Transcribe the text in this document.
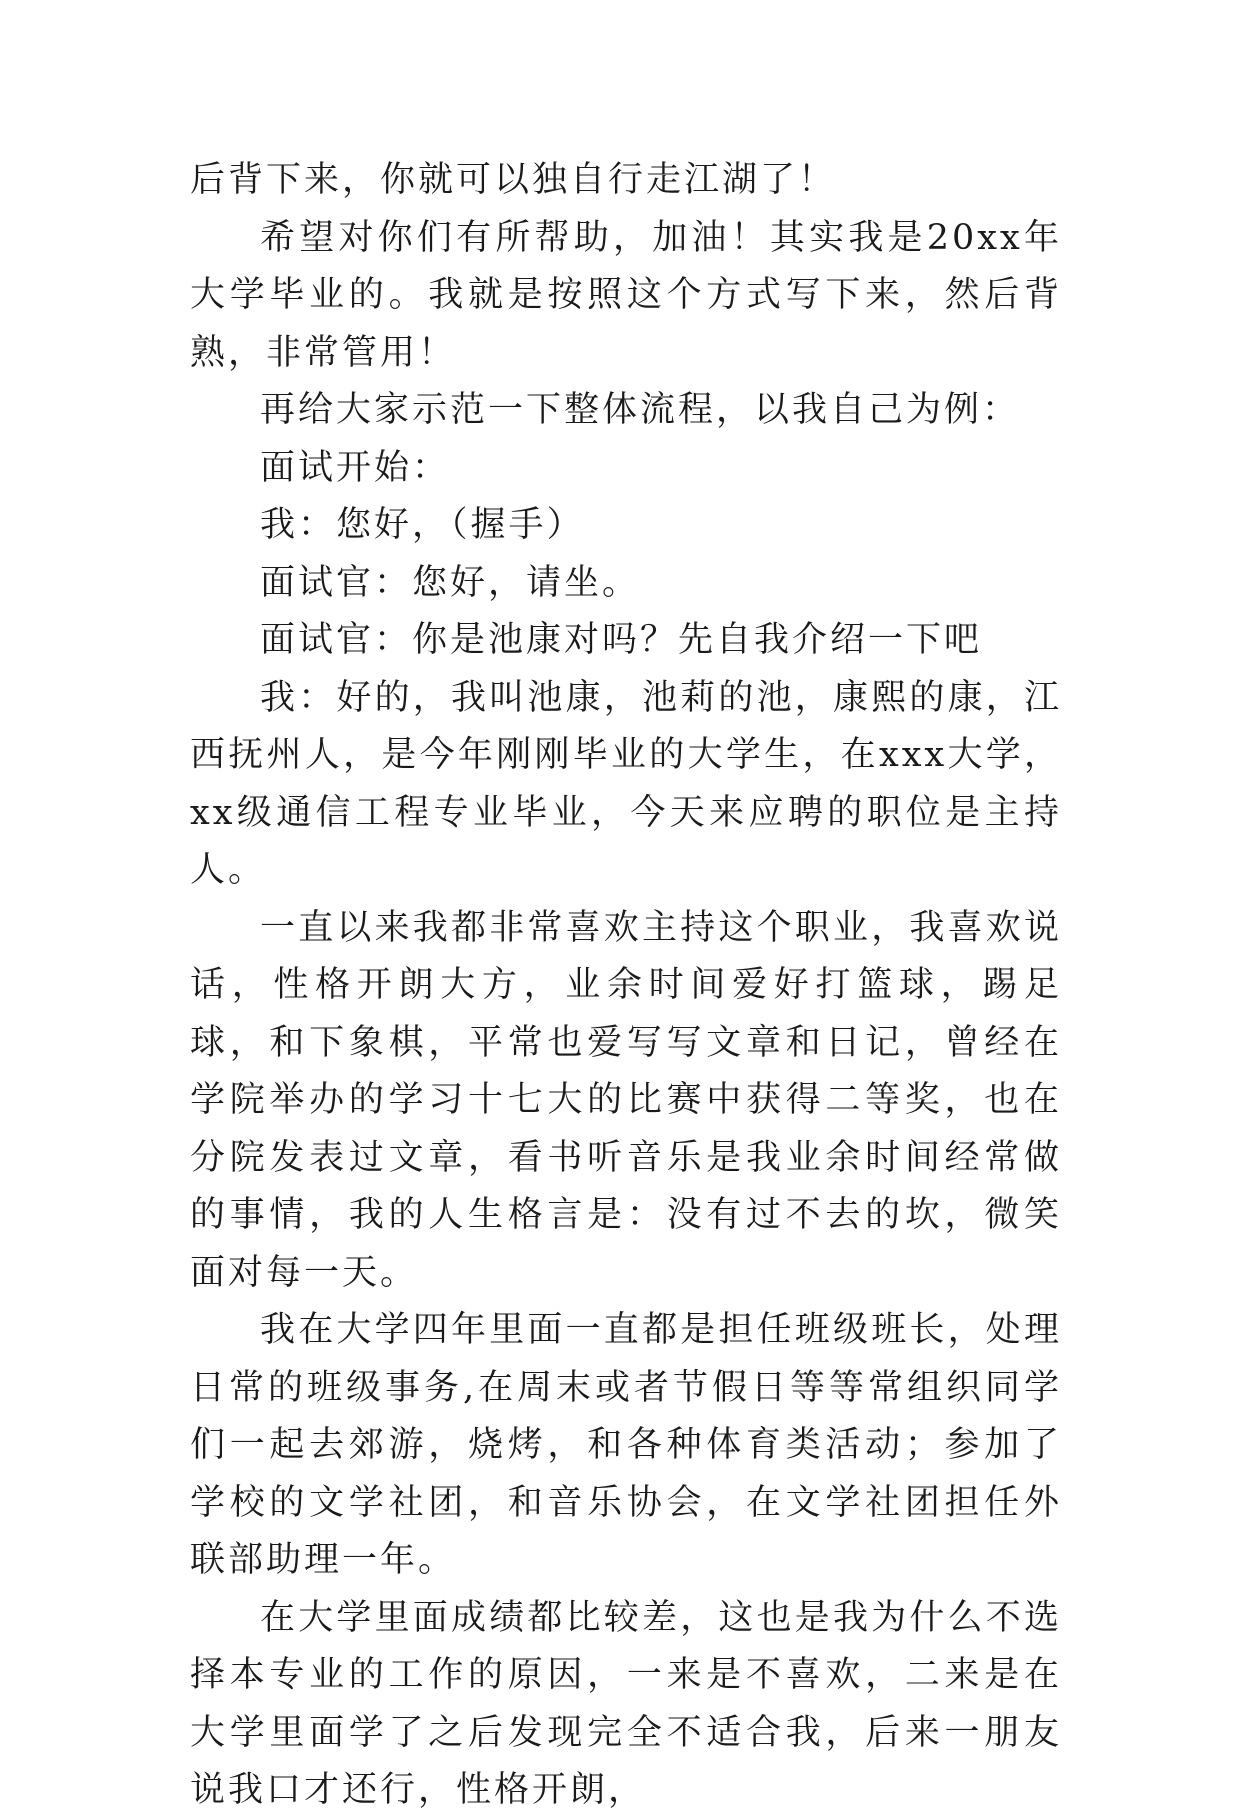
后背下来，你就可以独自行走江湖了！

希望对你们有所帮助，加油！其实我是20xx年大学毕业的。我就是按照这个方式写下来，然后背熟，非常管用！

再给大家示范一下整体流程，以我自己为例：

面试开始：

我：您好，（握手）

面试官：您好，请坐。

面试官：你是池康对吗？先自我介绍一下吧

我：好的，我叫池康，池莉的池，康熙的康，江西抚州人，是今年刚刚毕业的大学生，在xxx大学，xx级通信工程专业毕业，今天来应聘的职位是主持人。

一直以来我都非常喜欢主持这个职业，我喜欢说话，性格开朗大方，业余时间爱好打篮球，踢足球，和下象棋，平常也爱写写文章和日记，曾经在学院举办的学习十七大的比赛中获得二等奖，也在分院发表过文章，看书听音乐是我业余时间经常做的事情，我的人生格言是：没有过不去的坎，微笑面对每一天。

我在大学四年里面一直都是担任班级班长，处理日常的班级事务,在周末或者节假日等等常组织同学们一起去郊游，烧烤，和各种体育类活动；参加了学校的文学社团，和音乐协会，在文学社团担任外联部助理一年。

在大学里面成绩都比较差，这也是我为什么不选择本专业的工作的原因，一来是不喜欢，二来是在大学里面学了之后发现完全不适合我，后来一朋友说我口才还行，性格开朗，
